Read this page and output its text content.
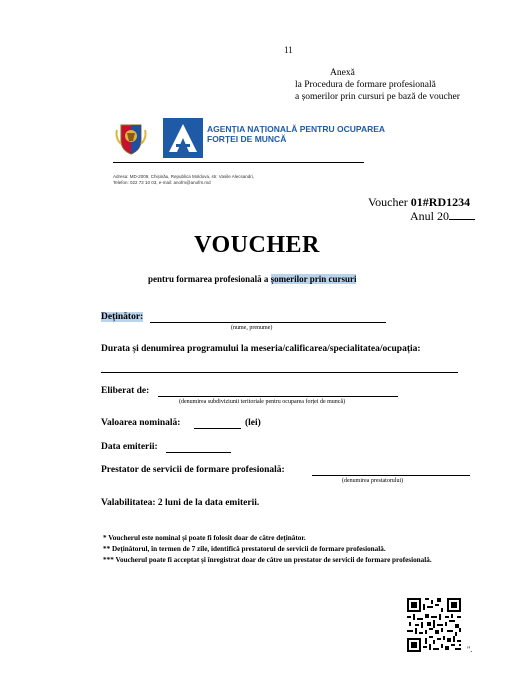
11
Anexă
la Procedura de formare profesională
a șomerilor prin cursuri pe bază de voucher
AGENȚIA NAȚIONALĂ PENTRU OCUPAREA
FORȚEI DE MUNCĂ
Adresa: MD-2009, Chișinău, Republica Moldova, str. Vasile Alecsandri,
Telefon: 022 72 10 03, e-mail: anofm@anofm.md
Voucher 01#RD1234
Anul 20
VOUCHER
pentru formarea profesională a șomerilor prin cursuri
Deținător:
(nume, prenume)
Durata și denumirea programului la meseria/calificarea/specialitatea/ocupația:
Eliberat de:
(denumirea subdiviziunii teritoriale pentru ocuparea forței de muncă)
Valoarea nominală:	(lei)
Data emiterii:
Prestator de servicii de formare profesională:
(denumirea prestatorului)
Valabilitatea: 2 luni de la data emiterii.
* Voucherul este nominal și poate fi folosit doar de către deținător.
** Deținătorul, în termen de 7 zile, identifică prestatorul de servicii de formare profesională.
*** Voucherul poate fi acceptat și înregistrat doar de către un prestator de servicii de formare profesională.
".
